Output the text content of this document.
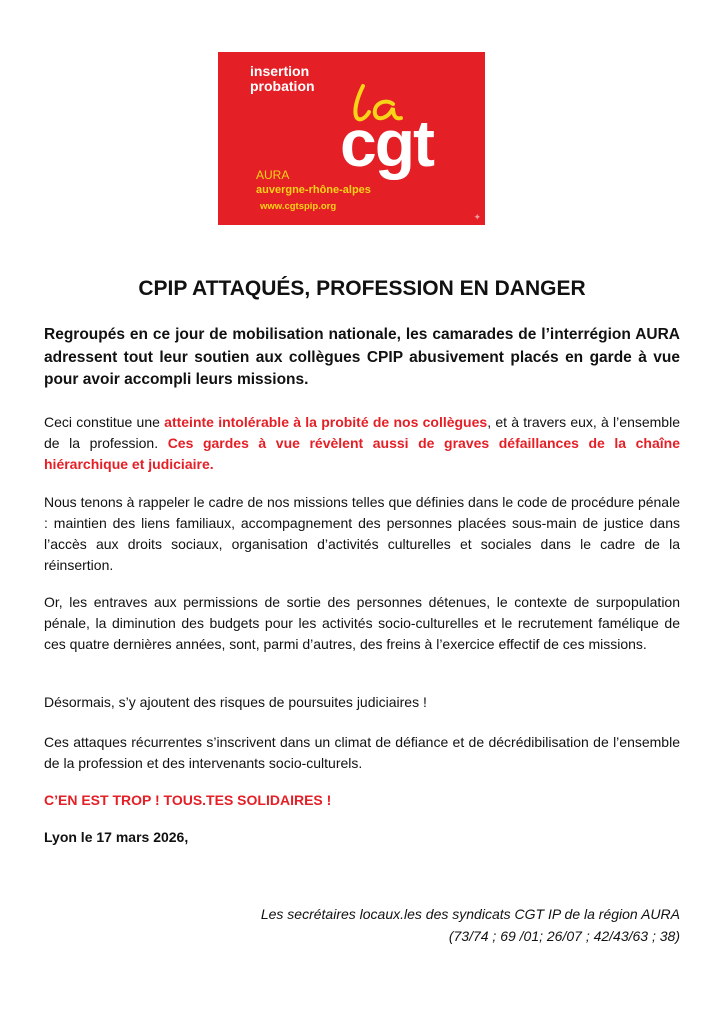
insertion
probation
cgt
AURA
auvergne-rhône-alpes
www.cgtspip.org
✦
CPIP ATTAQUÉS, PROFESSION EN DANGER

Regroupés en ce jour de mobilisation nationale, les camarades de l’interrégion AURA adressent tout leur soutien aux collègues CPIP abusivement placés en garde à vue pour avoir accompli leurs missions.

Ceci constitue une atteinte intolérable à la probité de nos collègues, et à travers eux, à l’ensemble de la profession. Ces gardes à vue révèlent aussi de graves défaillances de la chaîne hiérarchique et judiciaire.

Nous tenons à rappeler le cadre de nos missions telles que définies dans le code de procédure pénale : maintien des liens familiaux, accompagnement des personnes placées sous-main de justice dans l’accès aux droits sociaux, organisation d’activités culturelles et sociales dans le cadre de la réinsertion.

Or, les entraves aux permissions de sortie des personnes détenues, le contexte de surpopulation pénale, la diminution des budgets pour les activités socio-culturelles et le recrutement famélique de ces quatre dernières années, sont, parmi d’autres, des freins à l’exercice effectif de ces missions.

Désormais, s’y ajoutent des risques de poursuites judiciaires !

Ces attaques récurrentes s’inscrivent dans un climat de défiance et de décrédibilisation de l’ensemble de la profession et des intervenants socio-culturels.

C’EN EST TROP ! TOUS.TES SOLIDAIRES !

Lyon le 17 mars 2026,

Les secrétaires locaux.les des syndicats CGT IP de la région AURA
(73/74 ; 69 /01; 26/07 ; 42/43/63 ; 38)
